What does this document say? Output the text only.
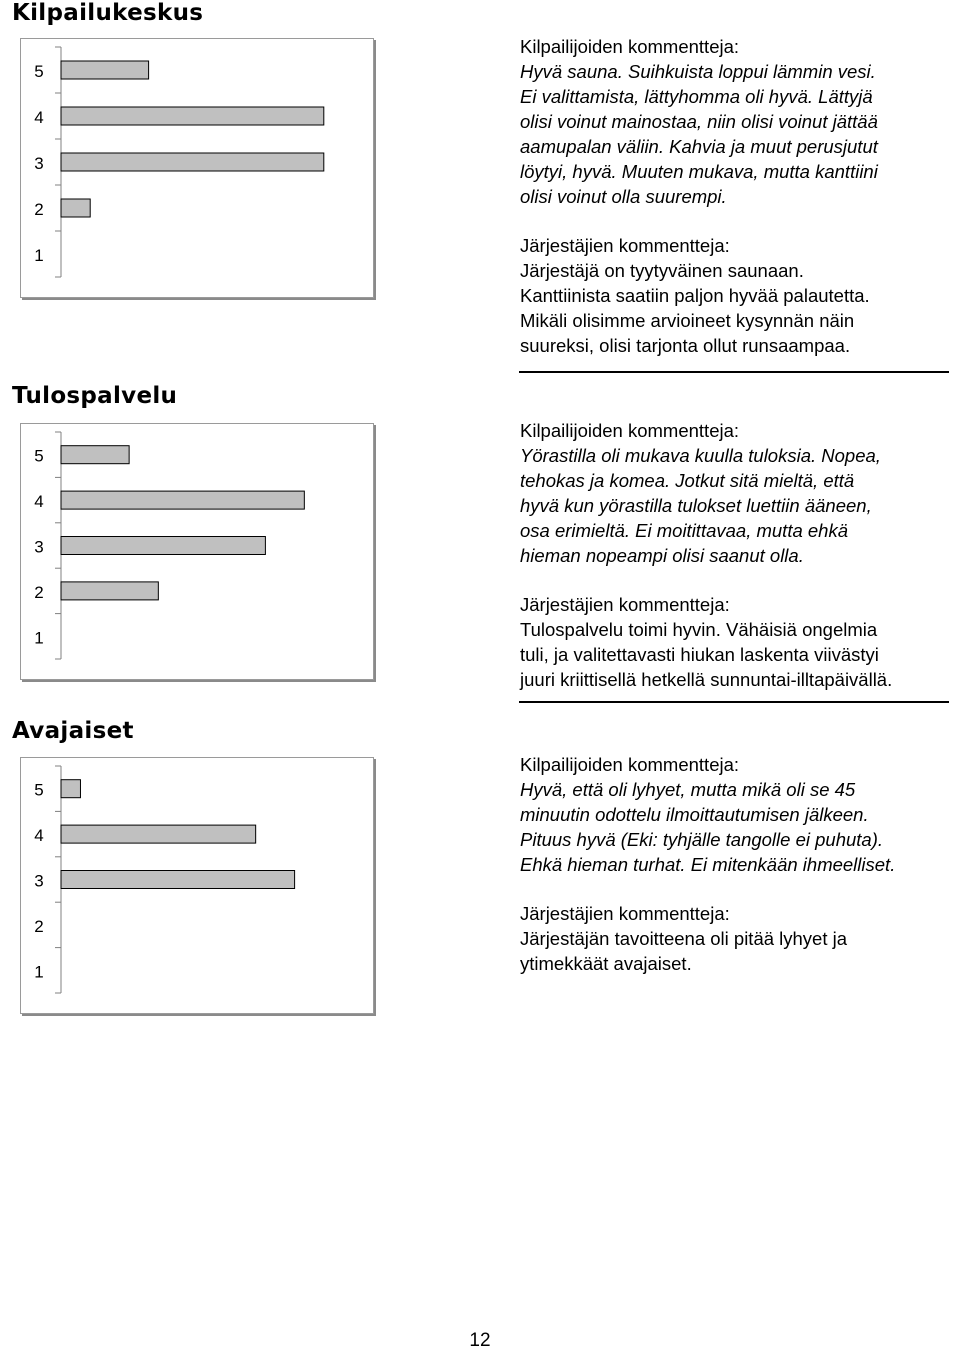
Kilpailukeskus
5
4
3
2
1
Tulospalvelu
5
4
3
2
1
Avajaiset
5
4
3
2
1
Kilpailijoiden kommentteja:
Hyvä sauna. Suihkuista loppui lämmin vesi.
Ei valittamista, lättyhomma oli hyvä. Lättyjä
olisi voinut mainostaa, niin olisi voinut jättää
aamupalan väliin. Kahvia ja muut perusjutut
löytyi, hyvä. Muuten mukava, mutta kanttiini
olisi voinut olla suurempi.
Järjestäjien kommentteja:
Järjestäjä on tyytyväinen saunaan.
Kanttiinista saatiin paljon hyvää palautetta.
Mikäli olisimme arvioineet kysynnän näin
suureksi, olisi tarjonta ollut runsaampaa.
Kilpailijoiden kommentteja:
Yörastilla oli mukava kuulla tuloksia. Nopea,
tehokas ja komea. Jotkut sitä mieltä, että
hyvä kun yörastilla tulokset luettiin ääneen,
osa erimieltä. Ei moitittavaa, mutta ehkä
hieman nopeampi olisi saanut olla.
Järjestäjien kommentteja:
Tulospalvelu toimi hyvin. Vähäisiä ongelmia
tuli, ja valitettavasti hiukan laskenta viivästyi
juuri kriittisellä hetkellä sunnuntai-illtapäivällä.
Kilpailijoiden kommentteja:
Hyvä, että oli lyhyet, mutta mikä oli se 45
minuutin odottelu ilmoittautumisen jälkeen.
Pituus hyvä (Eki: tyhjälle tangolle ei puhuta).
Ehkä hieman turhat. Ei mitenkään ihmeelliset.
Järjestäjien kommentteja:
Järjestäjän tavoitteena oli pitää lyhyet ja
ytimekkäät avajaiset.
12
